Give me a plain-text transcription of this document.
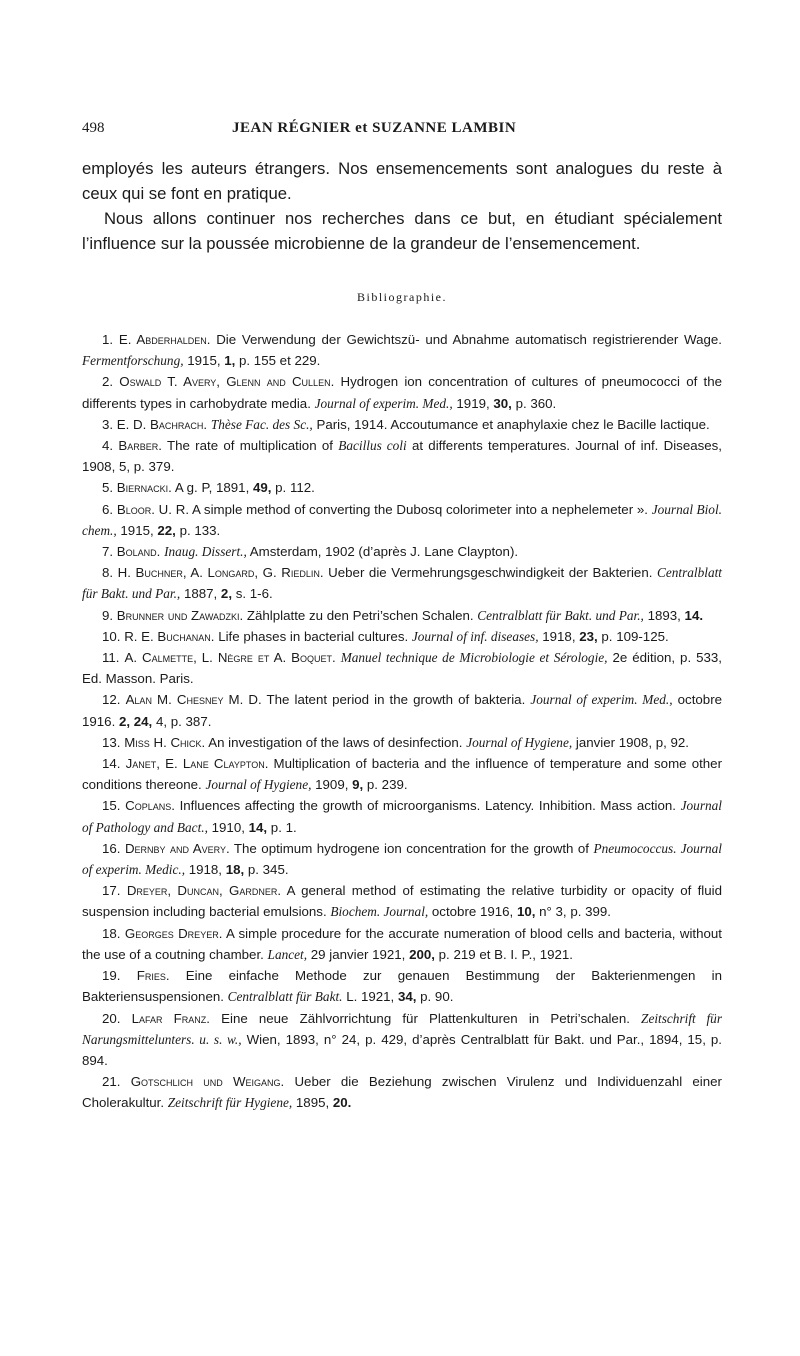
498	JEAN RÉGNIER et SUZANNE LAMBIN

employés les auteurs étrangers. Nos ensemencements sont analogues du reste à ceux qui se font en pratique.

Nous allons continuer nos recherches dans ce but, en étudiant spécialement l’influence sur la poussée microbienne de la grandeur de l’ensemencement.

Bibliographie.
1. E. Abderhalden. Die Verwendung der Gewichtszü- und Abnahme automatisch registrierender Wage. Fermentforschung, 1915, 1, p. 155 et 229.
2. Oswald T. Avery, Glenn and Cullen. Hydrogen ion concentration of cultures of pneumococci of the differents types in carhobydrate media. Journal of experim. Med., 1919, 30, p. 360.
3. E. D. Bachrach. Thèse Fac. des Sc., Paris, 1914. Accoutumance et anaphylaxie chez le Bacille lactique.
4. Barber. The rate of multiplication of Bacillus coli at differents temperatures. Journal of inf. Diseases, 1908, 5, p. 379.
5. Biernacki. A g. P, 1891, 49, p. 112.
6. Bloor. U. R. A simple method of converting the Dubosq colorimeter into a nephelemeter ». Journal Biol. chem., 1915, 22, p. 133.
7. Boland. Inaug. Dissert., Amsterdam, 1902 (d’après J. Lane Claypton).
8. H. Buchner, A. Longard, G. Riedlin. Ueber die Vermehrungsgeschwindigkeit der Bakterien. Centralblatt für Bakt. und Par., 1887, 2, s. 1-6.
9. Brunner und Zawadzki. Zählplatte zu den Petri’schen Schalen. Centralblatt für Bakt. und Par., 1893, 14.
10. R. E. Buchanan. Life phases in bacterial cultures. Journal of inf. diseases, 1918, 23, p. 109-125.
11. A. Calmette, L. Nègre et A. Boquet. Manuel technique de Microbiologie et Sérologie, 2e édition, p. 533, Ed. Masson. Paris.
12. Alan M. Chesney M. D. The latent period in the growth of bakteria. Journal of experim. Med., octobre 1916. 2, 24, 4, p. 387.
13. Miss H. Chick. An investigation of the laws of desinfection. Journal of Hygiene, janvier 1908, p, 92.
14. Janet, E. Lane Claypton. Multiplication of bacteria and the influence of temperature and some other conditions thereone. Journal of Hygiene, 1909, 9, p. 239.
15. Coplans. Influences affecting the growth of microorganisms. Latency. Inhibition. Mass action. Journal of Pathology and Bact., 1910, 14, p. 1.
16. Dernby and Avery. The optimum hydrogene ion concentration for the growth of Pneumococcus. Journal of experim. Medic., 1918, 18, p. 345.
17. Dreyer, Duncan, Gardner. A general method of estimating the relative turbidity or opacity of fluid suspension including bacterial emulsions. Biochem. Journal, octobre 1916, 10, n° 3, p. 399.
18. Georges Dreyer. A simple procedure for the accurate numeration of blood cells and bacteria, without the use of a coutning chamber. Lancet, 29 janvier 1921, 200, p. 219 et B. I. P., 1921.
19. Fries. Eine einfache Methode zur genauen Bestimmung der Bakterienmengen in Bakteriensuspensionen. Centralblatt für Bakt. L. 1921, 34, p. 90.
20. Lafar Franz. Eine neue Zählvorrichtung für Plattenkulturen in Petri’schalen. Zeitschrift für Narungsmittelunters. u. s. w., Wien, 1893, n° 24, p. 429, d’après Centralblatt für Bakt. und Par., 1894, 15, p. 894.
21. Gotschlich und Weigang. Ueber die Beziehung zwischen Virulenz und Individuenzahl einer Cholerakultur. Zeitschrift für Hygiene, 1895, 20.
